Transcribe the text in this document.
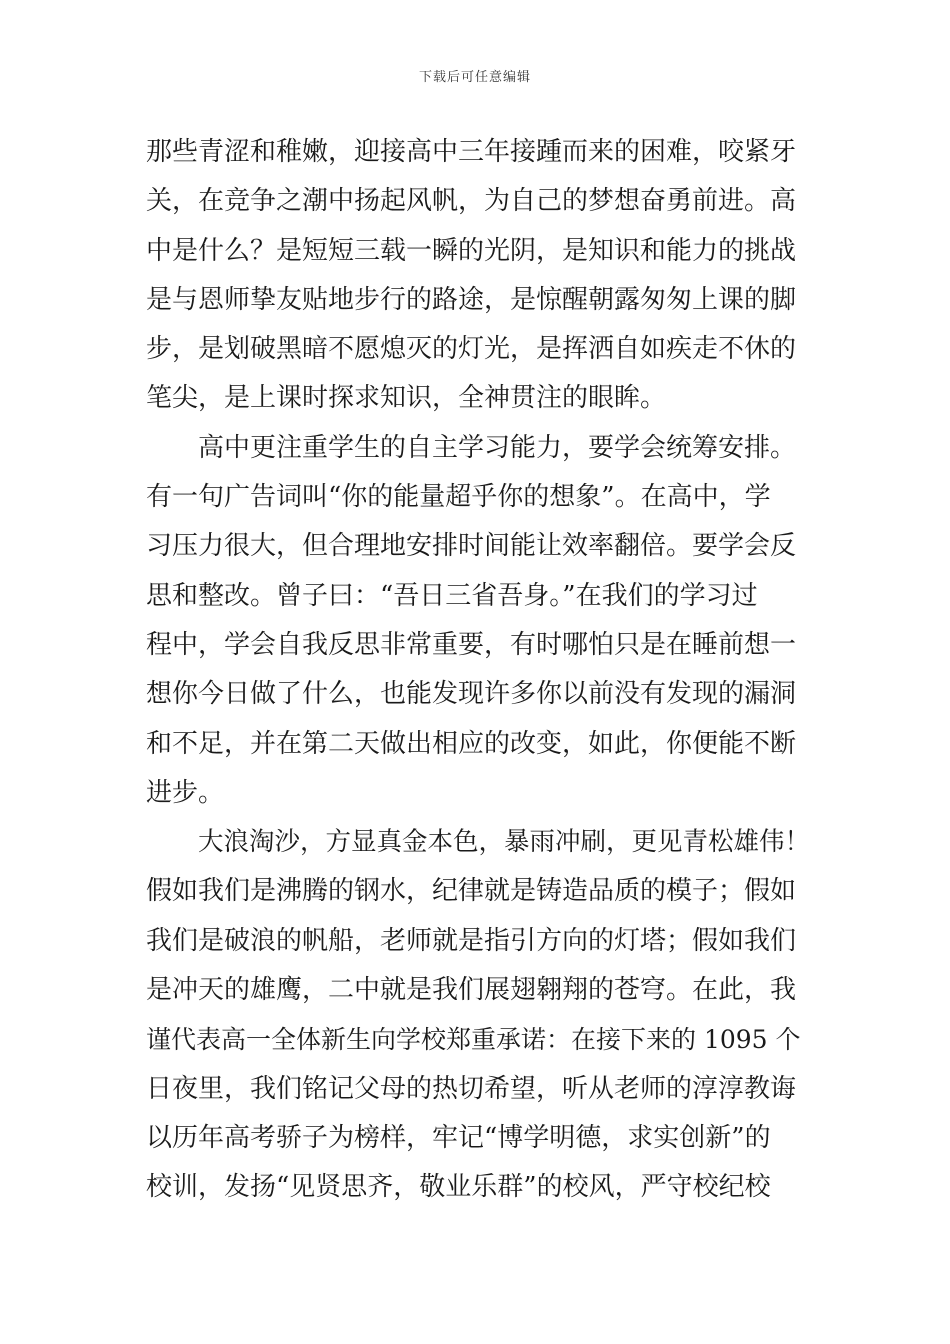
下载后可任意编辑
那些青涩和稚嫩，迎接高中三年接踵而来的困难，咬紧牙
关，在竞争之潮中扬起风帆，为自己的梦想奋勇前进。高
中是什么？是短短三载一瞬的光阴，是知识和能力的挑战
是与恩师挚友贴地步行的路途，是惊醒朝露匆匆上课的脚
步，是划破黑暗不愿熄灭的灯光，是挥洒自如疾走不休的
笔尖，是上课时探求知识，全神贯注的眼眸。
高中更注重学生的自主学习能力，要学会统筹安排。
有一句广告词叫“你的能量超乎你的想象”。在高中，学
习压力很大，但合理地安排时间能让效率翻倍。要学会反
思和整改。曾子曰：“吾日三省吾身。”在我们的学习过
程中，学会自我反思非常重要，有时哪怕只是在睡前想一
想你今日做了什么，也能发现许多你以前没有发现的漏洞
和不足，并在第二天做出相应的改变，如此，你便能不断
进步。
大浪淘沙，方显真金本色，暴雨冲刷，更见青松雄伟！
假如我们是沸腾的钢水，纪律就是铸造品质的模子；假如
我们是破浪的帆船，老师就是指引方向的灯塔；假如我们
是冲天的雄鹰，二中就是我们展翅翱翔的苍穹。在此，我
谨代表高一全体新生向学校郑重承诺：在接下来的 1095 个
日夜里，我们铭记父母的热切希望，听从老师的淳淳教诲
以历年高考骄子为榜样，牢记“博学明德，求实创新”的
校训，发扬“见贤思齐，敬业乐群”的校风，严守校纪校
